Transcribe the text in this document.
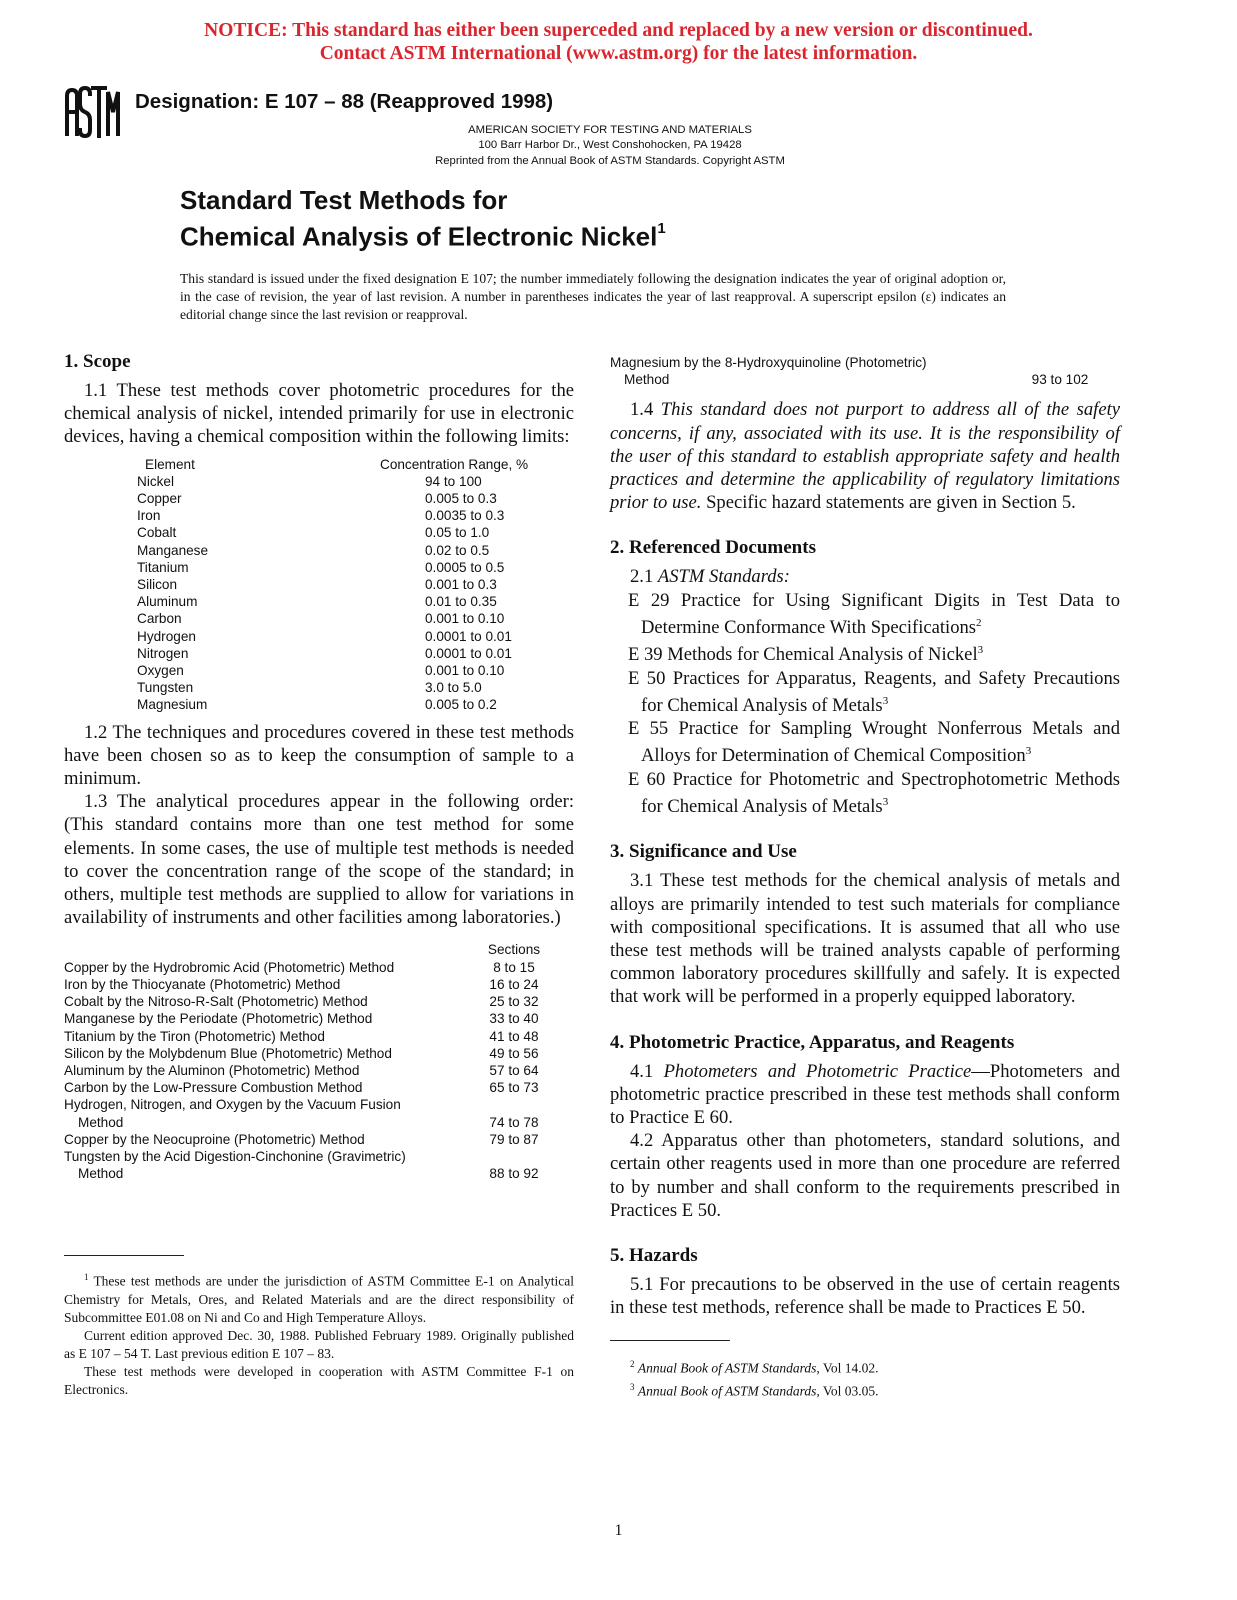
NOTICE: This standard has either been superceded and replaced by a new version or discontinued.
Contact ASTM International (www.astm.org) for the latest information.
Designation: E 107 – 88 (Reapproved 1998)
AMERICAN SOCIETY FOR TESTING AND MATERIALS
100 Barr Harbor Dr., West Conshohocken, PA 19428
Reprinted from the Annual Book of ASTM Standards. Copyright ASTM
Standard Test Methods for
Chemical Analysis of Electronic Nickel$^1$
This standard is issued under the fixed designation E 107; the number immediately following the designation indicates the year of original adoption or, in the case of revision, the year of last revision. A number in parentheses indicates the year of last reapproval. A superscript epsilon (ε) indicates an editorial change since the last revision or reapproval.
1. Scope

1.1 These test methods cover photometric procedures for the chemical analysis of nickel, intended primarily for use in electronic devices, having a chemical composition within the following limits:

Element	Concentration Range, %
Nickel	94 to 100
Copper	0.005 to 0.3
Iron	0.0035 to 0.3
Cobalt	0.05 to 1.0
Manganese	0.02 to 0.5
Titanium	0.0005 to 0.5
Silicon	0.001 to 0.3
Aluminum	0.01 to 0.35
Carbon	0.001 to 0.10
Hydrogen	0.0001 to 0.01
Nitrogen	0.0001 to 0.01
Oxygen	0.001 to 0.10
Tungsten	3.0 to 5.0
Magnesium	0.005 to 0.2

1.2 The techniques and procedures covered in these test methods have been chosen so as to keep the consumption of sample to a minimum.

1.3 The analytical procedures appear in the following order: (This standard contains more than one test method for some elements. In some cases, the use of multiple test methods is needed to cover the concentration range of the scope of the standard; in others, multiple test methods are supplied to allow for variations in availability of instruments and other facilities among laboratories.)

	Sections
Copper by the Hydrobromic Acid (Photometric) Method	8 to 15
Iron by the Thiocyanate (Photometric) Method	16 to 24
Cobalt by the Nitroso-R-Salt (Photometric) Method	25 to 32
Manganese by the Periodate (Photometric) Method	33 to 40
Titanium by the Tiron (Photometric) Method	41 to 48
Silicon by the Molybdenum Blue (Photometric) Method	49 to 56
Aluminum by the Aluminon (Photometric) Method	57 to 64
Carbon by the Low-Pressure Combustion Method	65 to 73
Hydrogen, Nitrogen, and Oxygen by the Vacuum Fusion
Method	74 to 78
Copper by the Neocuproine (Photometric) Method	79 to 87
Tungsten by the Acid Digestion-Cinchonine (Gravimetric)
Method	88 to 92

$^1$ These test methods are under the jurisdiction of ASTM Committee E-1 on Analytical Chemistry for Metals, Ores, and Related Materials and are the direct responsibility of Subcommittee E01.08 on Ni and Co and High Temperature Alloys.

Current edition approved Dec. 30, 1988. Published February 1989. Originally published as E 107 – 54 T. Last previous edition E 107 – 83.

These test methods were developed in cooperation with ASTM Committee F-1 on Electronics.

Magnesium by the 8-Hydroxyquinoline (Photometric)
Method	93 to 102

1.4 This standard does not purport to address all of the safety concerns, if any, associated with its use. It is the responsibility of the user of this standard to establish appropriate safety and health practices and determine the applicability of regulatory limitations prior to use. Specific hazard statements are given in Section 5.

2. Referenced Documents

2.1 ASTM Standards:

E 29 Practice for Using Significant Digits in Test Data to Determine Conformance With Specifications$^2$

E 39 Methods for Chemical Analysis of Nickel$^3$

E 50 Practices for Apparatus, Reagents, and Safety Precautions for Chemical Analysis of Metals$^3$

E 55 Practice for Sampling Wrought Nonferrous Metals and Alloys for Determination of Chemical Composition$^3$

E 60 Practice for Photometric and Spectrophotometric Methods for Chemical Analysis of Metals$^3$

3. Significance and Use

3.1 These test methods for the chemical analysis of metals and alloys are primarily intended to test such materials for compliance with compositional specifications. It is assumed that all who use these test methods will be trained analysts capable of performing common laboratory procedures skillfully and safely. It is expected that work will be performed in a properly equipped laboratory.

4. Photometric Practice, Apparatus, and Reagents

4.1 Photometers and Photometric Practice—Photometers and photometric practice prescribed in these test methods shall conform to Practice E 60.

4.2 Apparatus other than photometers, standard solutions, and certain other reagents used in more than one procedure are referred to by number and shall conform to the requirements prescribed in Practices E 50.

5. Hazards

5.1 For precautions to be observed in the use of certain reagents in these test methods, reference shall be made to Practices E 50.

$^2$ Annual Book of ASTM Standards, Vol 14.02.

$^3$ Annual Book of ASTM Standards, Vol 03.05.

1
